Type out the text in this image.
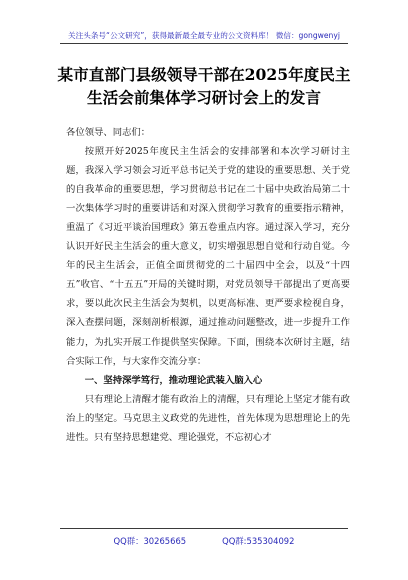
关注头条号“公文研究”，获得最新最全最专业的公文资料库！ 微信：gongwenyj
某市直部门县级领导干部在2025年度民主生活会前集体学习研讨会上的发言

各位领导、同志们：

按照开好2025年度民主生活会的安排部署和本次学习研讨主题，我深入学习领会习近平总书记关于党的建设的重要思想、关于党的自我革命的重要思想，学习贯彻总书记在二十届中央政治局第二十一次集体学习时的重要讲话和对深入贯彻学习教育的重要指示精神，重温了《习近平谈治国理政》第五卷重点内容。通过深入学习，充分认识开好民主生活会的重大意义，切实增强思想自觉和行动自觉。今年的民主生活会，正值全面贯彻党的二十届四中全会，以及“十四五”收官、“十五五”开局的关键时期，对党员领导干部提出了更高要求，要以此次民主生活会为契机，以更高标准、更严要求检视自身，深入查摆问题，深刻剖析根源，通过推动问题整改，进一步提升工作能力，为扎实开展工作提供坚实保障。下面，围绕本次研讨主题，结合实际工作，与大家作交流分享：

一、坚持深学笃行，推动理论武装入脑入心

只有理论上清醒才能有政治上的清醒，只有理论上坚定才能有政治上的坚定。马克思主义政党的先进性，首先体现为思想理论上的先进性。只有坚持思想建党、理论强党，不忘初心才

QQ群：30265665	QQ群:535304092
